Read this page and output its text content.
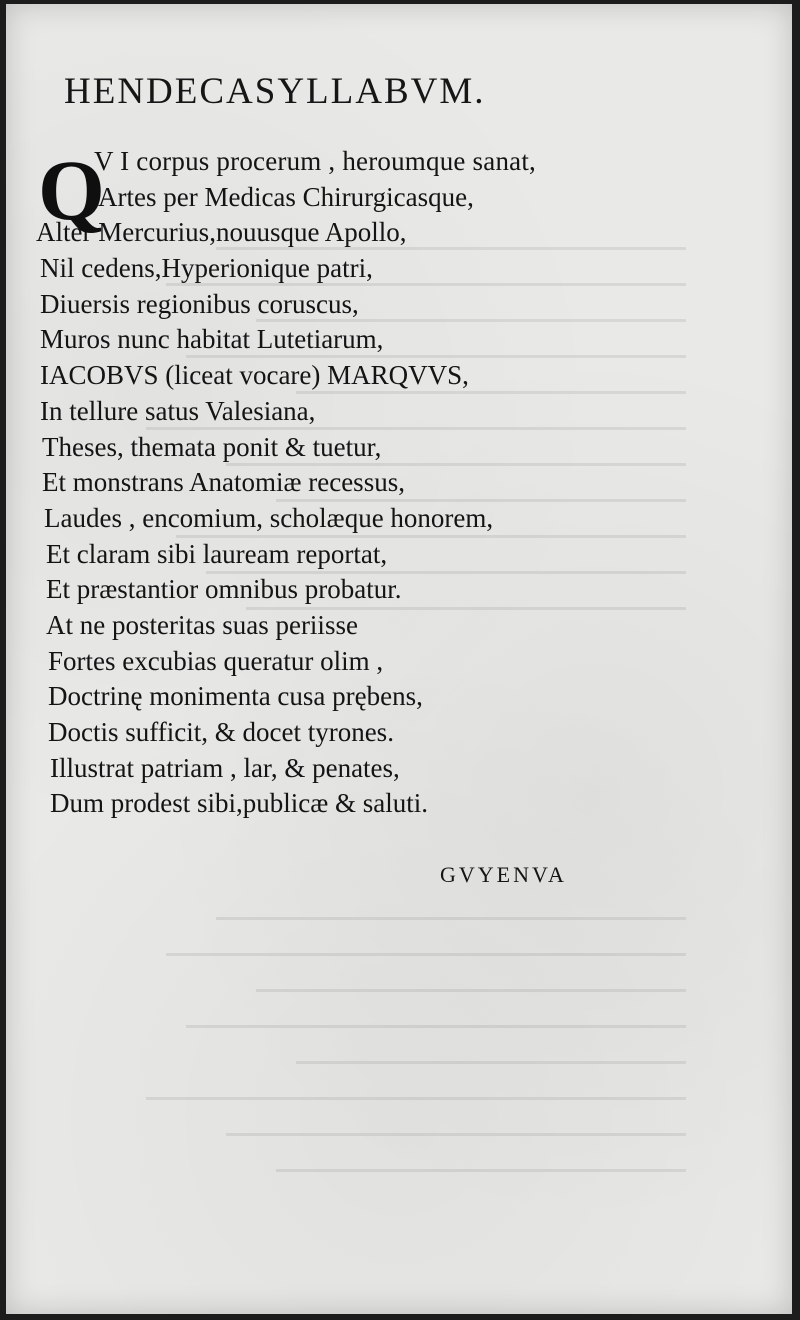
HENDECASYLLABVM.
Q
V I corpus procerum , heroumque sanat,
Artes per Medicas Chirurgicasque,
Alter Mercurius,nouusque Apollo,
Nil cedens,Hyperionique patri,
Diuersis regionibus coruscus,
Muros nunc habitat Lutetiarum,
IACOBVS (liceat vocare) MARQVVS,
In tellure satus Valesiana,
Theses, themata ponit & tuetur,
Et monstrans Anatomiæ recessus,
Laudes , encomium, scholæque honorem,
Et claram sibi lauream reportat,
Et præstantior omnibus probatur.
At ne posteritas suas periisse
Fortes excubias queratur olim ,
Doctrinę monimenta cusa prębens,
Doctis sufficit, & docet tyrones.
Illustrat patriam , lar, & penates,
Dum prodest sibi,publicæ & saluti.
GVYENVA
